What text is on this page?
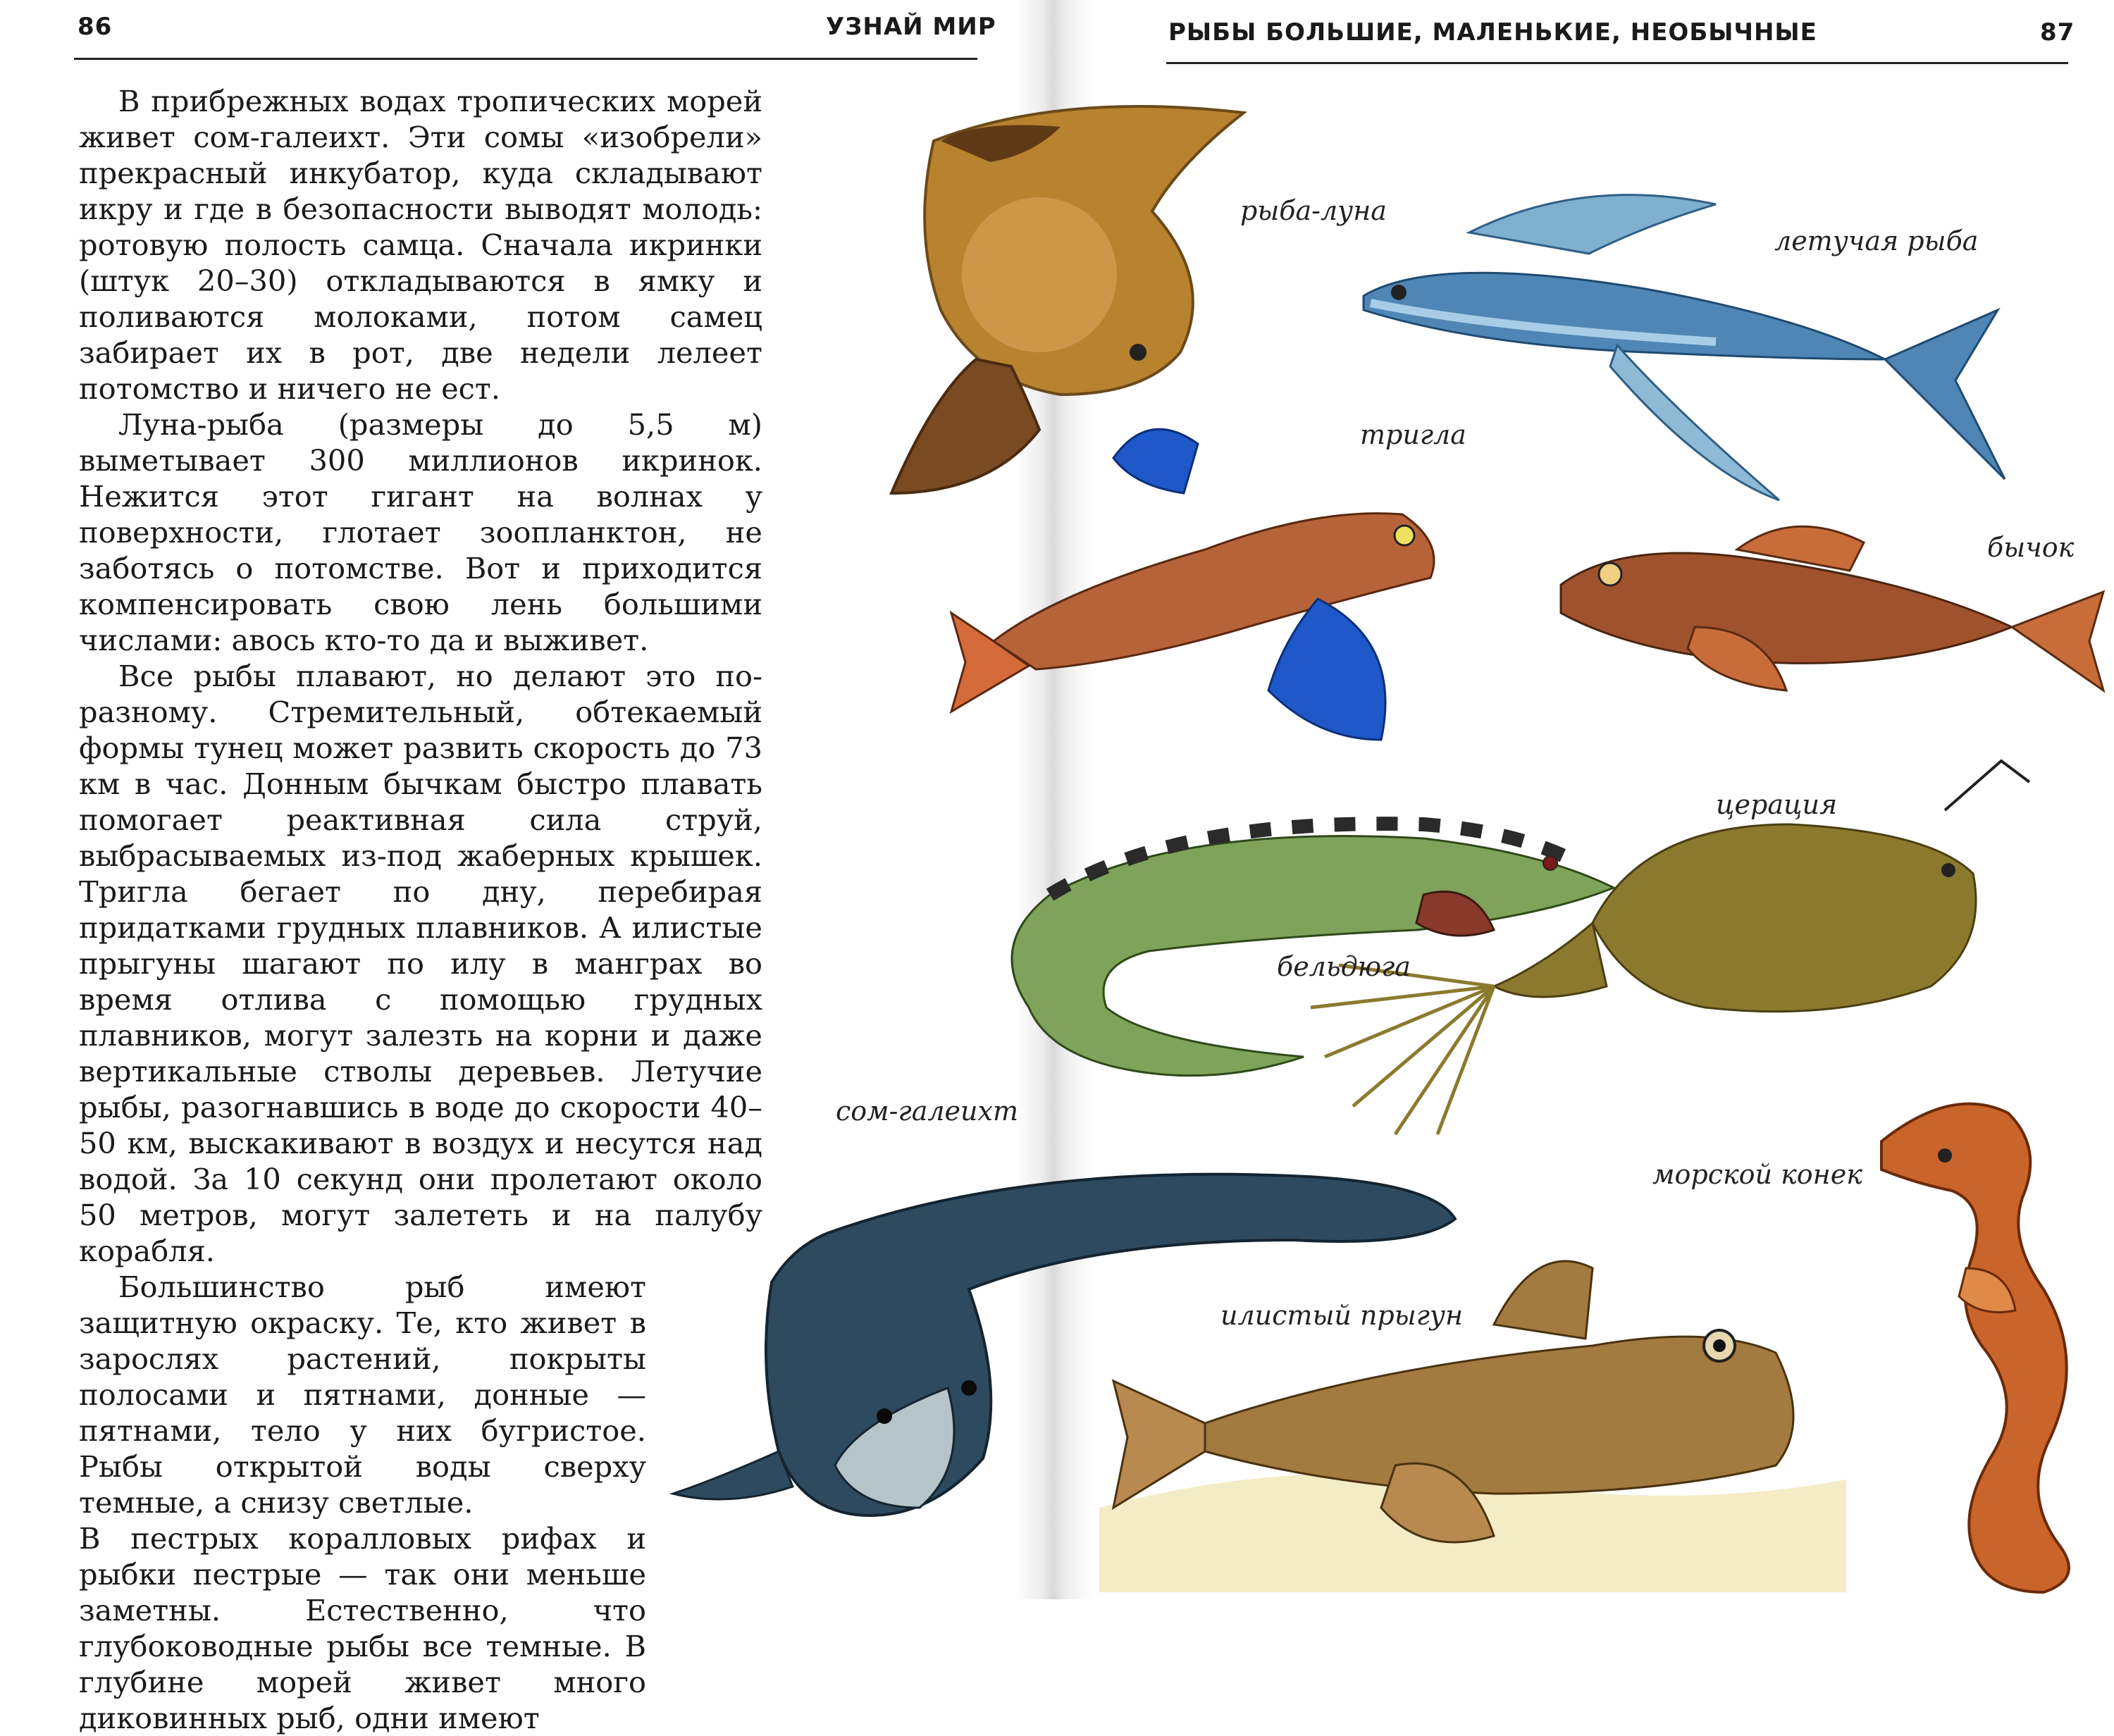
86	УЗНАЙ МИР	РЫБЫ БОЛЬШИЕ, МАЛЕНЬКИЕ, НЕОБЫЧНЫЕ	87

В прибрежных водах тропических морей живет сом-галеихт. Эти сомы «изобрели» прекрасный инкубатор, куда складывают икру и где в безопасности выводят молодь: ротовую полость самца. Сначала икринки (штук 20–30) откладываются в ямку и поливаются молоками, потом самец забирает их в рот, две недели лелеет потомство и ничего не ест.

Луна-рыба (размеры до 5,5 м) выметывает 300 миллионов икринок. Нежится этот гигант на волнах у поверхности, глотает зоопланктон, не заботясь о потомстве. Вот и приходится компенсировать свою лень большими числами: авось кто-то да и выживет.

Все рыбы плавают, но делают это по-разному. Стремительный, обтекаемый формы тунец может развить скорость до 73 км в час. Донным бычкам быстро плавать помогает реактивная сила струй, выбрасываемых из-под жаберных крышек. Тригла бегает по дну, перебирая придатками грудных плавников. А илистые прыгуны шагают по илу в манграх во время отлива с помощью грудных плавников, могут залезть на корни и даже вертикальные стволы деревьев. Летучие рыбы, разогнавшись в воде до скорости 40–50 км, выскакивают в воздух и несутся над водой. За 10 секунд они пролетают около 50 метров, могут залететь и на палубу корабля.

Большинство рыб имеют защитную окраску. Те, кто живет в зарослях растений, покрыты полосами и пятнами, донные — пятнами, тело у них бугристое. Рыбы открытой воды сверху темные, а снизу светлые.

В пестрых коралловых рифах и рыбки пестрые — так они меньше заметны. Естественно, что глубоководные рыбы все темные. В глубине морей живет много диковинных рыб, одни имеют

рыба-луна
летучая рыба
тригла
бычок
церация
бельдюга
сом-галеихт
морской конек
илистый прыгун
